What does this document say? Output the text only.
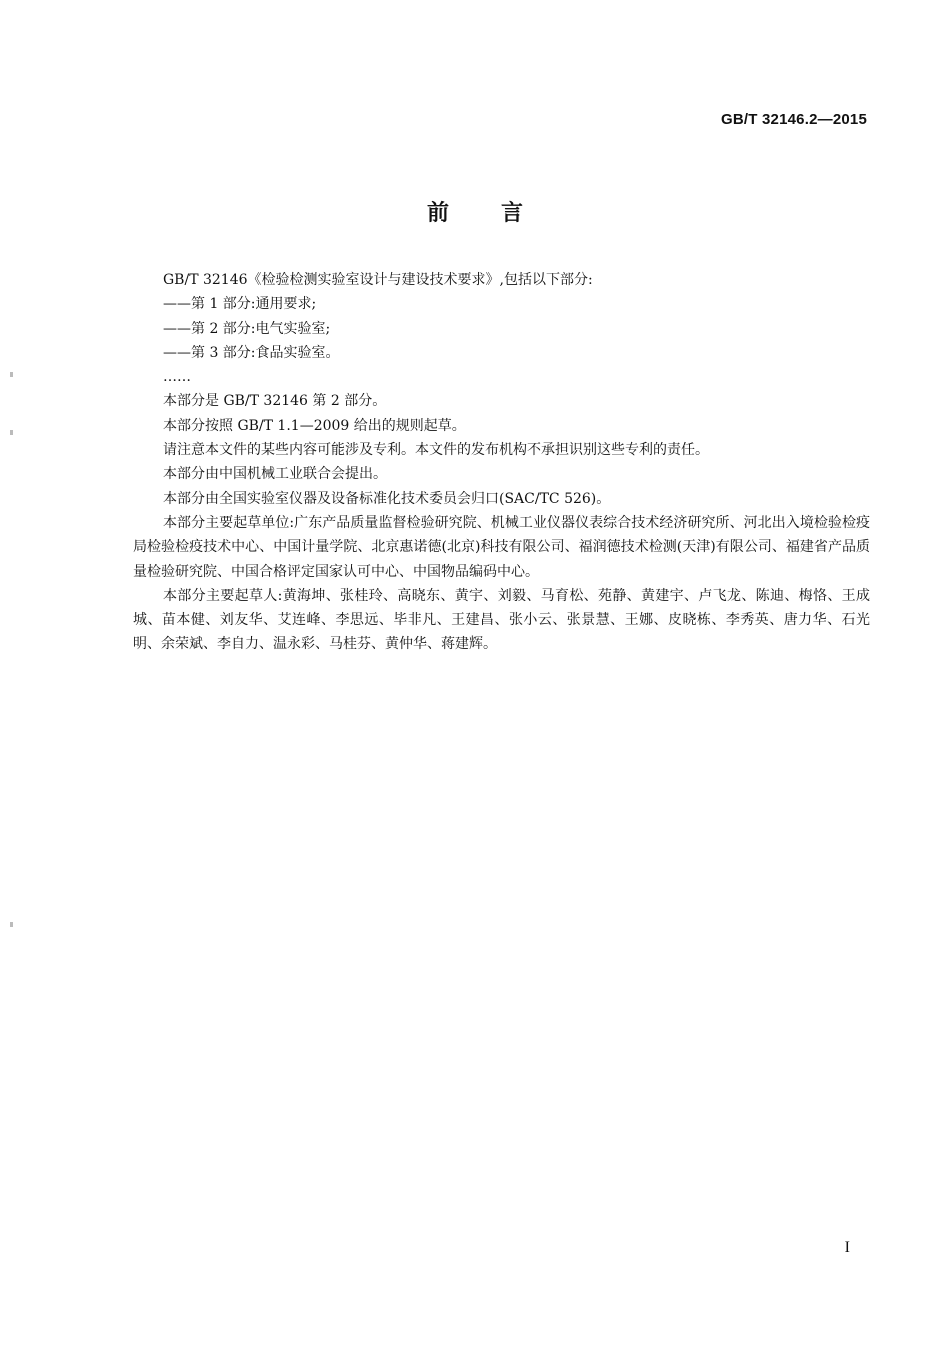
GB/T 32146.2—2015
前言

GB/T 32146《检验检测实验室设计与建设技术要求》,包括以下部分:

——第 1 部分:通用要求;

——第 2 部分:电气实验室;

——第 3 部分:食品实验室。

……

本部分是 GB/T 32146 第 2 部分。

本部分按照 GB/T 1.1—2009 给出的规则起草。

请注意本文件的某些内容可能涉及专利。本文件的发布机构不承担识别这些专利的责任。

本部分由中国机械工业联合会提出。

本部分由全国实验室仪器及设备标准化技术委员会归口(SAC/TC 526)。

本部分主要起草单位:广东产品质量监督检验研究院、机械工业仪器仪表综合技术经济研究所、河北出入境检验检疫局检验检疫技术中心、中国计量学院、北京惠诺德(北京)科技有限公司、福润德技术检测(天津)有限公司、福建省产品质量检验研究院、中国合格评定国家认可中心、中国物品编码中心。

本部分主要起草人:黄海坤、张桂玲、高晓东、黄宇、刘毅、马育松、苑静、黄建宇、卢飞龙、陈迪、梅恪、王成城、苗本健、刘友华、艾连峰、李思远、毕非凡、王建昌、张小云、张景慧、王娜、皮晓栋、李秀英、唐力华、石光明、余荣斌、李自力、温永彩、马桂芬、黄仲华、蒋建辉。

I
